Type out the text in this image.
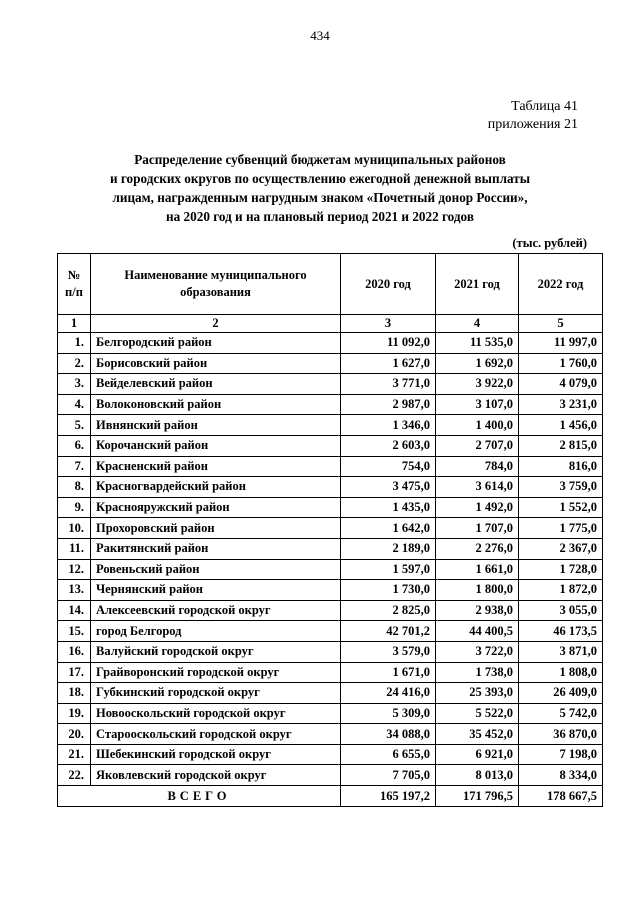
434
Таблица 41
приложения 21
Распределение субвенций бюджетам муниципальных районов
и городских округов по осуществлению ежегодной денежной выплаты
лицам, награжденным нагрудным знаком «Почетный донор России»,
на 2020 год и на плановый период 2021 и 2022 годов
(тыс. рублей)
№ п/п	Наименование муниципального образования	2020 год	2021 год	2022 год
1	2	3	4	5
1.	Белгородский район	11 092,0	11 535,0	11 997,0
2.	Борисовский район	1 627,0	1 692,0	1 760,0
3.	Вейделевский район	3 771,0	3 922,0	4 079,0
4.	Волоконовский район	2 987,0	3 107,0	3 231,0
5.	Ивнянский район	1 346,0	1 400,0	1 456,0
6.	Корочанский район	2 603,0	2 707,0	2 815,0
7.	Красненский район	754,0	784,0	816,0
8.	Красногвардейский район	3 475,0	3 614,0	3 759,0
9.	Краснояружский район	1 435,0	1 492,0	1 552,0
10.	Прохоровский район	1 642,0	1 707,0	1 775,0
11.	Ракитянский район	2 189,0	2 276,0	2 367,0
12.	Ровеньский район	1 597,0	1 661,0	1 728,0
13.	Чернянский район	1 730,0	1 800,0	1 872,0
14.	Алексеевский городской округ	2 825,0	2 938,0	3 055,0
15.	город Белгород	42 701,2	44 400,5	46 173,5
16.	Валуйский городской округ	3 579,0	3 722,0	3 871,0
17.	Грайворонский городской округ	1 671,0	1 738,0	1 808,0
18.	Губкинский городской округ	24 416,0	25 393,0	26 409,0
19.	Новооскольский городской округ	5 309,0	5 522,0	5 742,0
20.	Старооскольский городской округ	34 088,0	35 452,0	36 870,0
21.	Шебекинский городской округ	6 655,0	6 921,0	7 198,0
22.	Яковлевский городской округ	7 705,0	8 013,0	8 334,0
ВСЕГО		165 197,2	171 796,5	178 667,5
